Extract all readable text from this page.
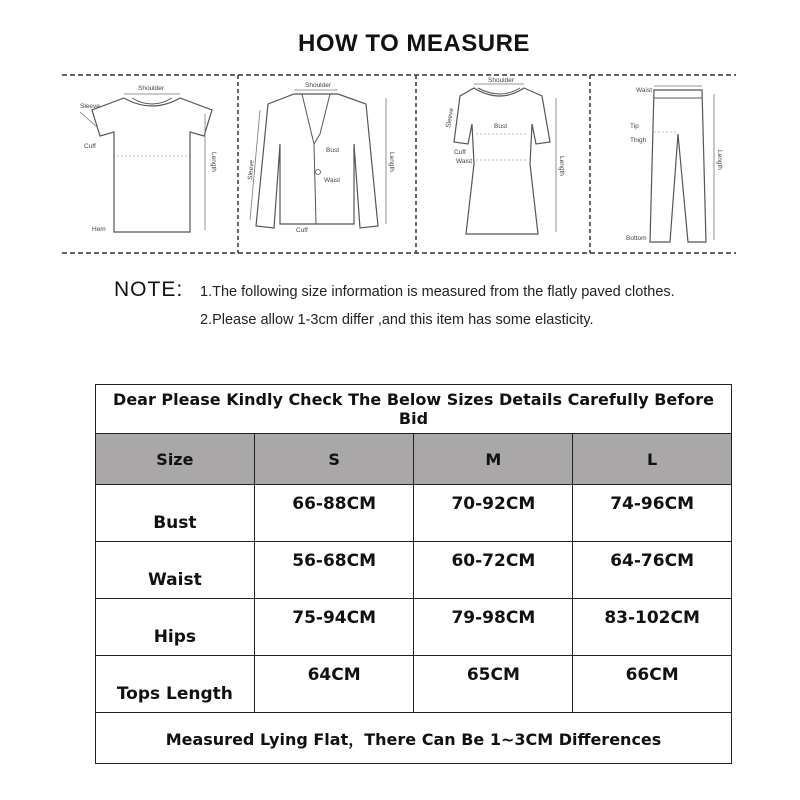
HOW TO MEASURE
Shoulder
Sleeve
Cuff
Hem
Length
Shoulder
Sleeve
Bust
Waist
Cuff
Length
Shoulder
Sleeve	Bust
Cuff
Waist	Length
Waist
Tip
Thigh
Bottom
Length
NOTE: 1.The following size information is measured from the flatly paved clothes.
2.Please allow 1-3cm differ ,and this item has some elasticity.
Dear Please Kindly Check The Below Sizes Details Carefully Before Bid			
Size	S	M	L
Bust	66-88CM	70-92CM	74-96CM
Waist	56-68CM	60-72CM	64-76CM
Hips	75-94CM	79-98CM	83-102CM
Tops Length	64CM	65CM	66CM
Measured Lying Flat，There Can Be 1~3CM Differences			
